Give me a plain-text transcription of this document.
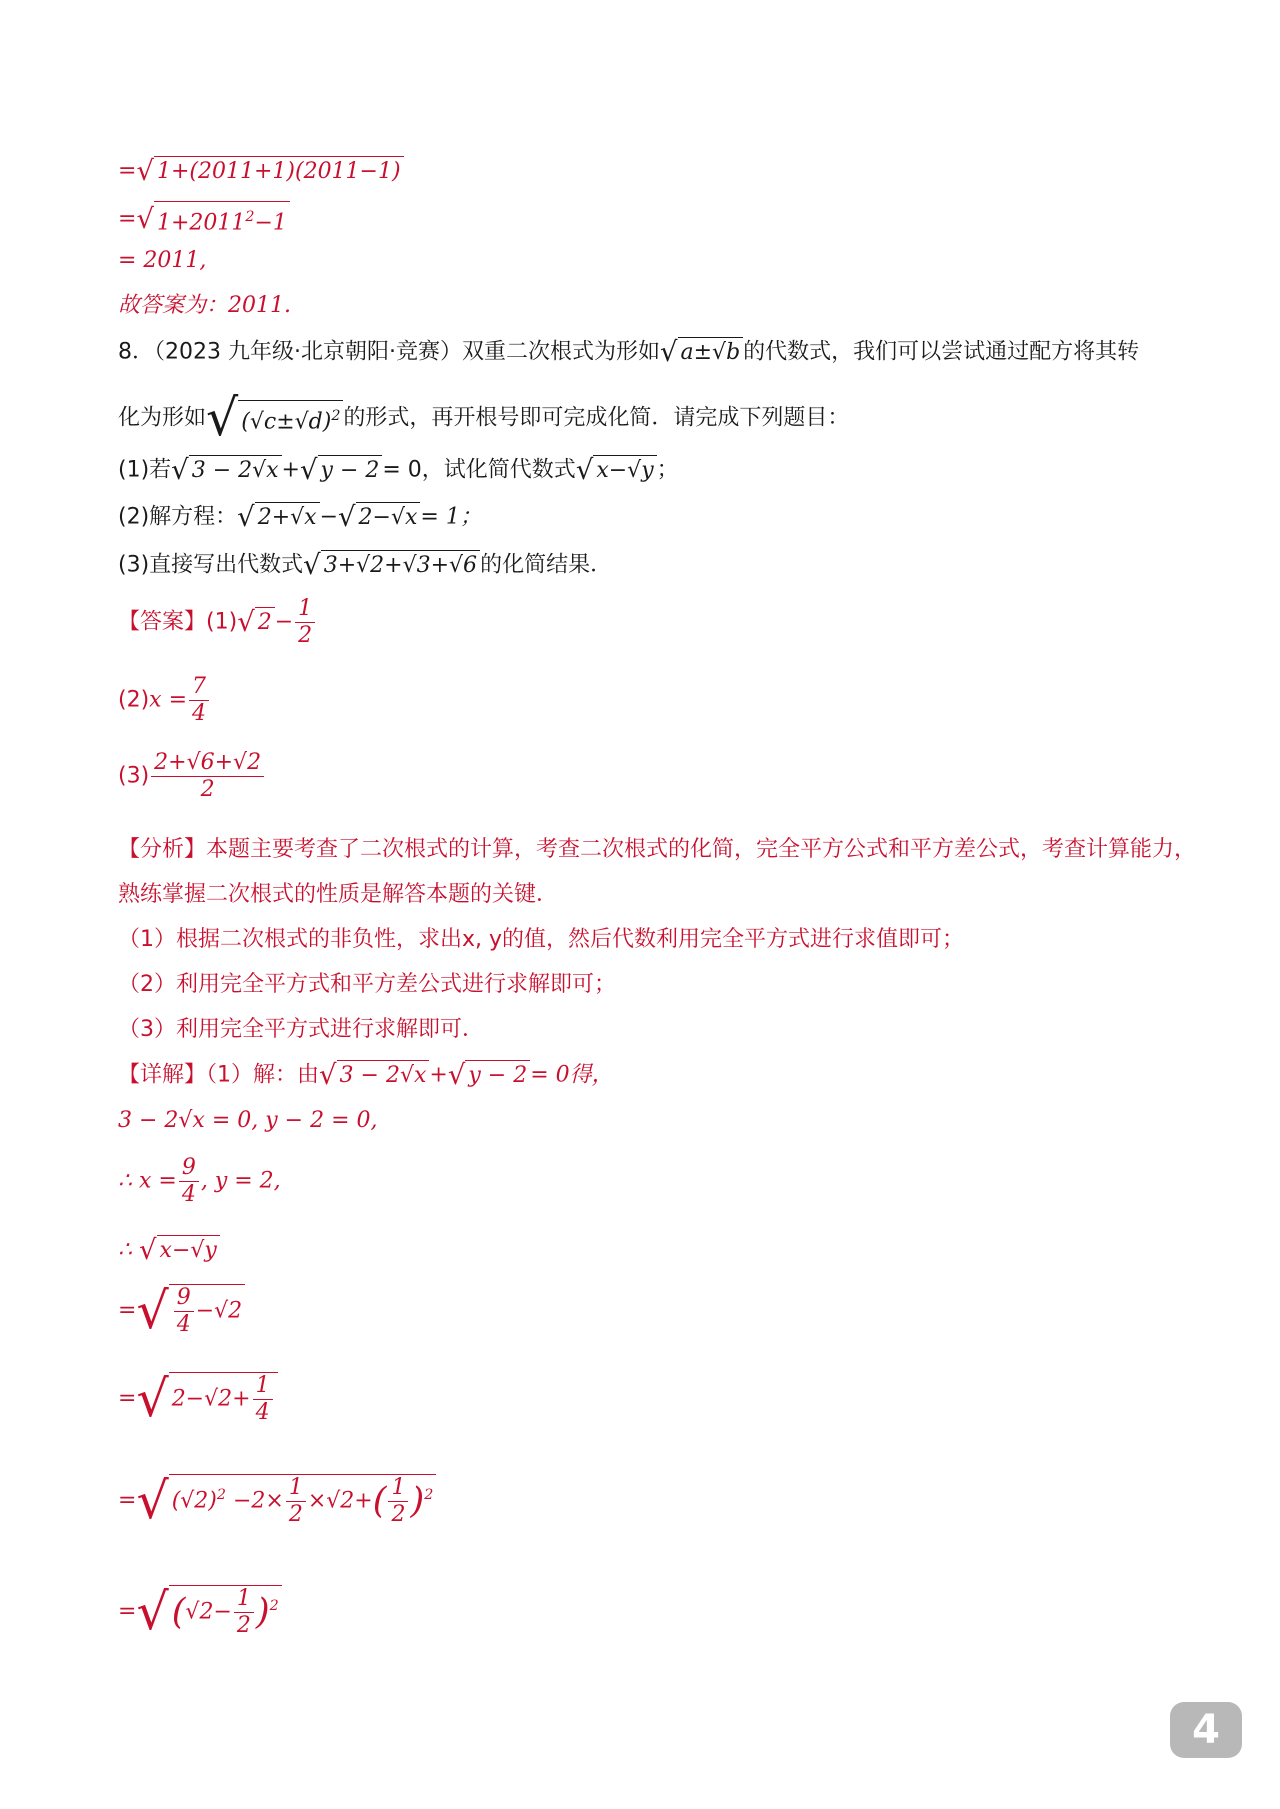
=√ 1+(2011+1)(2011−1)
=√ $1+2011^2-1$
= 2011,
故答案为：2011.
8．（2023 九年级·北京朝阳·竞赛）双重二次根式为形如√ a±√b 的代数式，我们可以尝试通过配方将其转
化为形如√ $(√c\pm√d)^2$ 的形式，再开根号即可完成化简．请完成下列题目：
(1)若√ 3 − 2√x +√ y − 2 = 0，试化简代数式√ x−√y ；
(2)解方程：√ 2+√x −√ 2−√x = 1；
(3)直接写出代数式√ 3+√2+√3+√6 的化简结果．
【答案】(1)√ $2 - \frac{1}{2}$
$(2)x = \frac{7}{4}$
$(3) \frac{2+√6+√2}{2}$
【分析】本题主要考查了二次根式的计算，考查二次根式的化简，完全平方公式和平方差公式，考查计算能力，
熟练掌握二次根式的性质是解答本题的关键．
（1）根据二次根式的非负性，求出x, y的值，然后代数利用完全平方式进行求值即可；
（2）利用完全平方式和平方差公式进行求解即可；
（3）利用完全平方式进行求解即可．
【详解】（1）解：由√ 3 − 2√x +√ y − 2 = 0得，
3 − 2√x = 0, y − 2 = 0,
∴ $x = \frac{9}{4}$ , y = 2,
∴ √ x−√y
=√ $\frac{9}{4} -√2$
=√ $2-√2+ \frac{1}{4}$
=√ $(√2)^2 -2\times \frac{1}{2} \times√2+( \frac{1}{2} )^2$
$=√(√2- \frac{1}{2} )^2$
4
